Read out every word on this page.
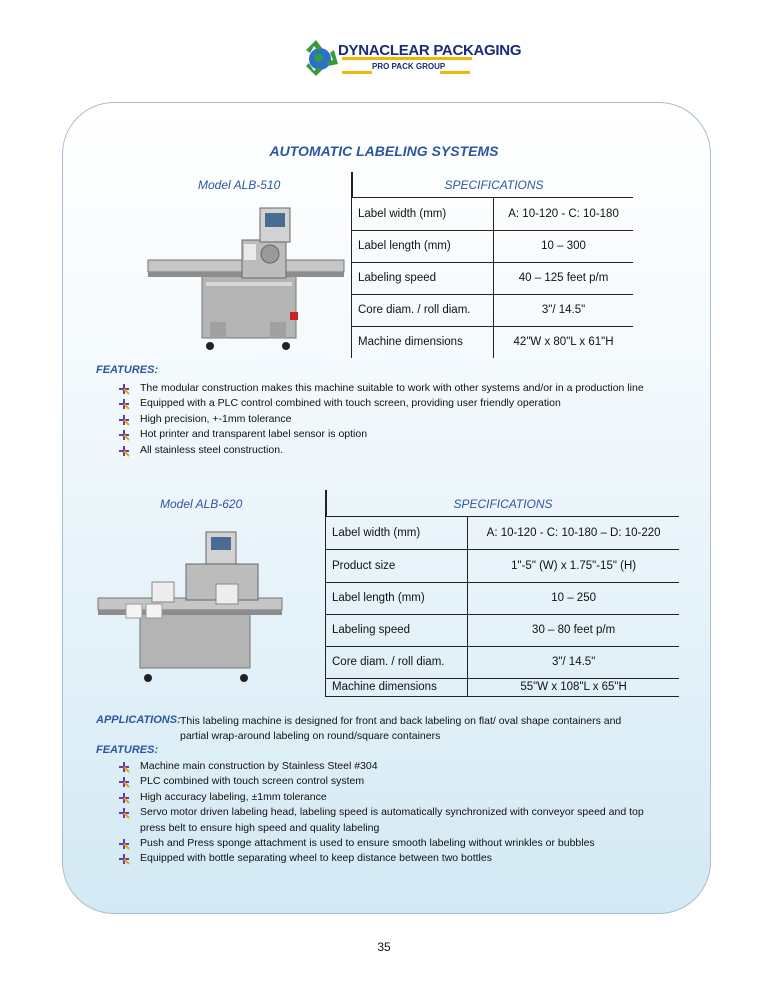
DYNACLEAR PACKAGING
PRO PACK GROUP
AUTOMATIC LABELING SYSTEMS
Model ALB-510	SPECIFICATIONS
Label width (mm)	A: 10-120 - C: 10-180
Label length (mm)	10 – 300
Labeling speed	40 – 125 feet p/m
Core diam. / roll diam.	3"/ 14.5"
Machine dimensions	42"W x 80"L x 61"H
FEATURES:
The modular construction makes this machine suitable to work with other systems and/or in a production line
Equipped with a PLC control combined with touch screen, providing user friendly operation
High precision, +-1mm tolerance
Hot printer and transparent label sensor is option
All stainless steel construction.
Model ALB-620	SPECIFICATIONS
Label width (mm)	A: 10-120 - C: 10-180 – D: 10-220
Product size	1"-5" (W) x 1.75"-15" (H)
Label length (mm)	10 – 250
Labeling speed	30 – 80 feet p/m
Core diam. / roll diam.	3"/ 14.5"
Machine dimensions	55"W x 108"L x 65"H
APPLICATIONS: This labeling machine is designed for front and back labeling on flat/ oval shape containers and
partial wrap-around labeling on round/square containers
FEATURES:
Machine main construction by Stainless Steel #304
PLC combined with touch screen control system
High accuracy labeling, ±1mm tolerance
Servo motor driven labeling head, labeling speed is automatically synchronized with conveyor speed and top press belt to ensure high speed and quality labeling
Push and Press sponge attachment is used to ensure smooth labeling without wrinkles or bubbles
Equipped with bottle separating wheel to keep distance between two bottles
35
